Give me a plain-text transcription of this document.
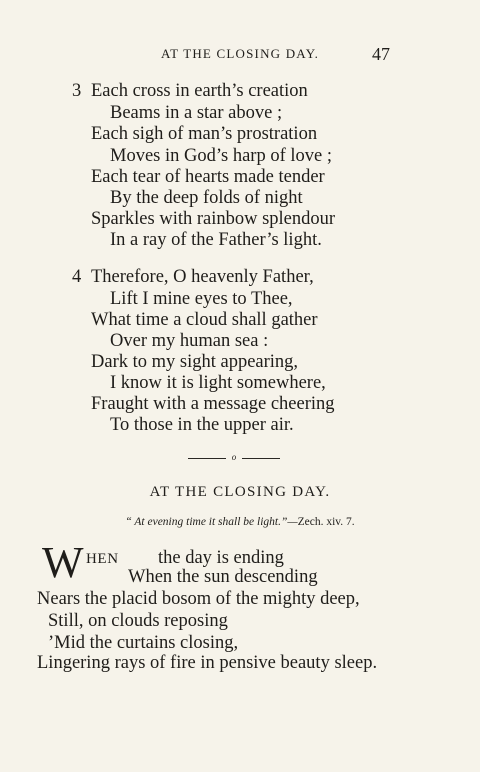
AT THE CLOSING DAY.	47
3 Each cross in earth’s creation
Beams in a star above ;
Each sigh of man’s prostration
Moves in God’s harp of love ;
Each tear of hearts made tender
By the deep folds of night
Sparkles with rainbow splendour
In a ray of the Father’s light.
4 Therefore, O heavenly Father,
Lift I mine eyes to Thee,
What time a cloud shall gather
Over my human sea :
Dark to my sight appearing,
I know it is light somewhere,
Fraught with a message cheering
To those in the upper air.
o
AT THE CLOSING DAY.
“ At evening time it shall be light.”—Zech. xiv. 7.
W HEN the day is ending
When the sun descending
Nears the placid bosom of the mighty deep,
Still, on clouds reposing
’Mid the curtains closing,
Lingering rays of fire in pensive beauty sleep.
